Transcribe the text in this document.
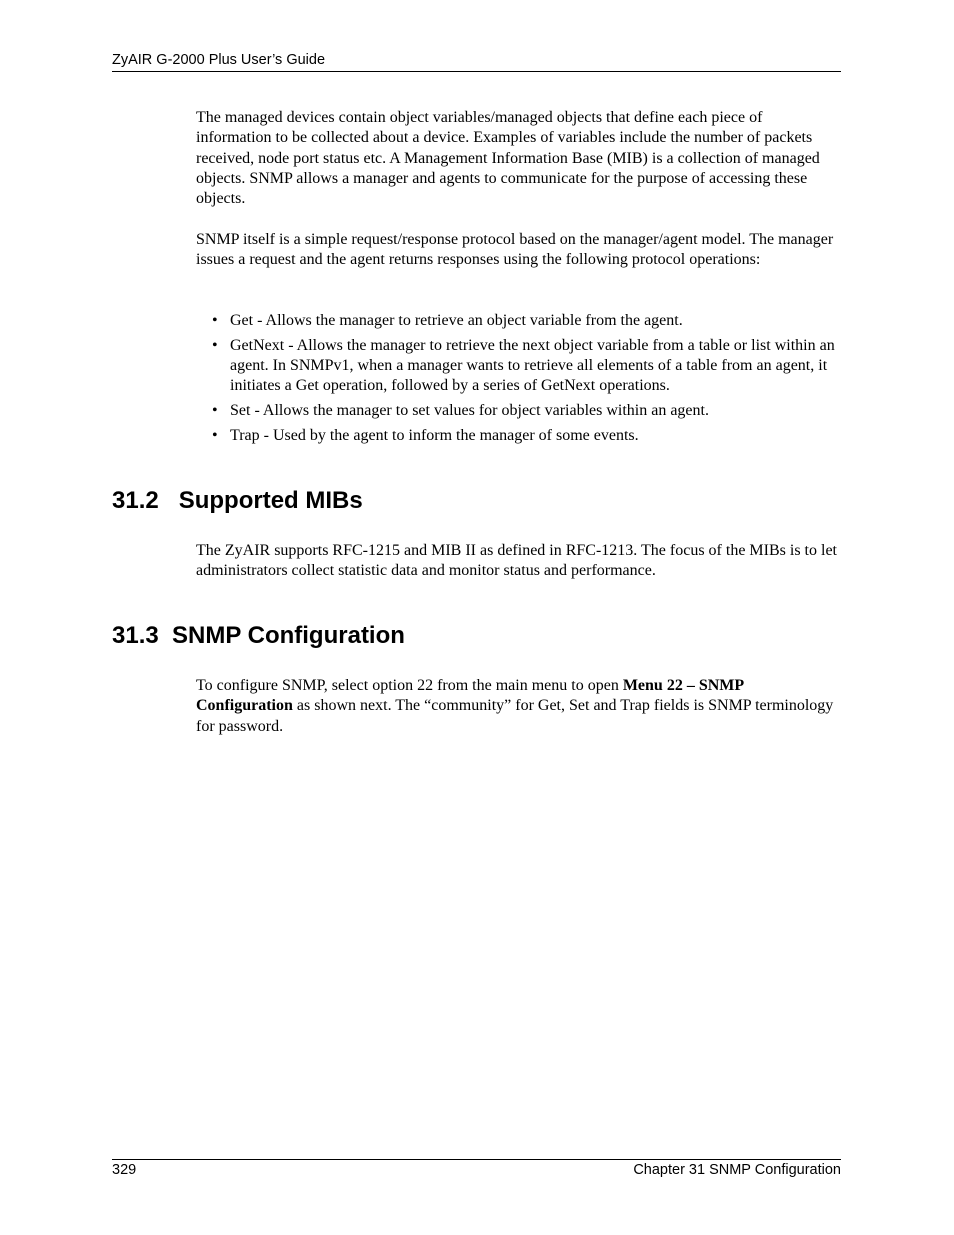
ZyAIR G-2000 Plus User’s Guide

The managed devices contain object variables/managed objects that define each piece of information to be collected about a device. Examples of variables include the number of packets received, node port status etc. A Management Information Base (MIB) is a collection of managed objects. SNMP allows a manager and agents to communicate for the purpose of accessing these objects.

SNMP itself is a simple request/response protocol based on the manager/agent model. The manager issues a request and the agent returns responses using the following protocol operations:

• Get - Allows the manager to retrieve an object variable from the agent.
• GetNext - Allows the manager to retrieve the next object variable from a table or list within an agent. In SNMPv1, when a manager wants to retrieve all elements of a table from an agent, it initiates a Get operation, followed by a series of GetNext operations.
• Set - Allows the manager to set values for object variables within an agent.
• Trap - Used by the agent to inform the manager of some events.
31.2   Supported MIBs

The ZyAIR supports RFC-1215 and MIB II as defined in RFC-1213. The focus of the MIBs is to let administrators collect statistic data and monitor status and performance.

31.3  SNMP Configuration

To configure SNMP, select option 22 from the main menu to open Menu 22 – SNMP Configuration as shown next. The “community” for Get, Set and Trap fields is SNMP terminology for password.

329	Chapter 31 SNMP Configuration
